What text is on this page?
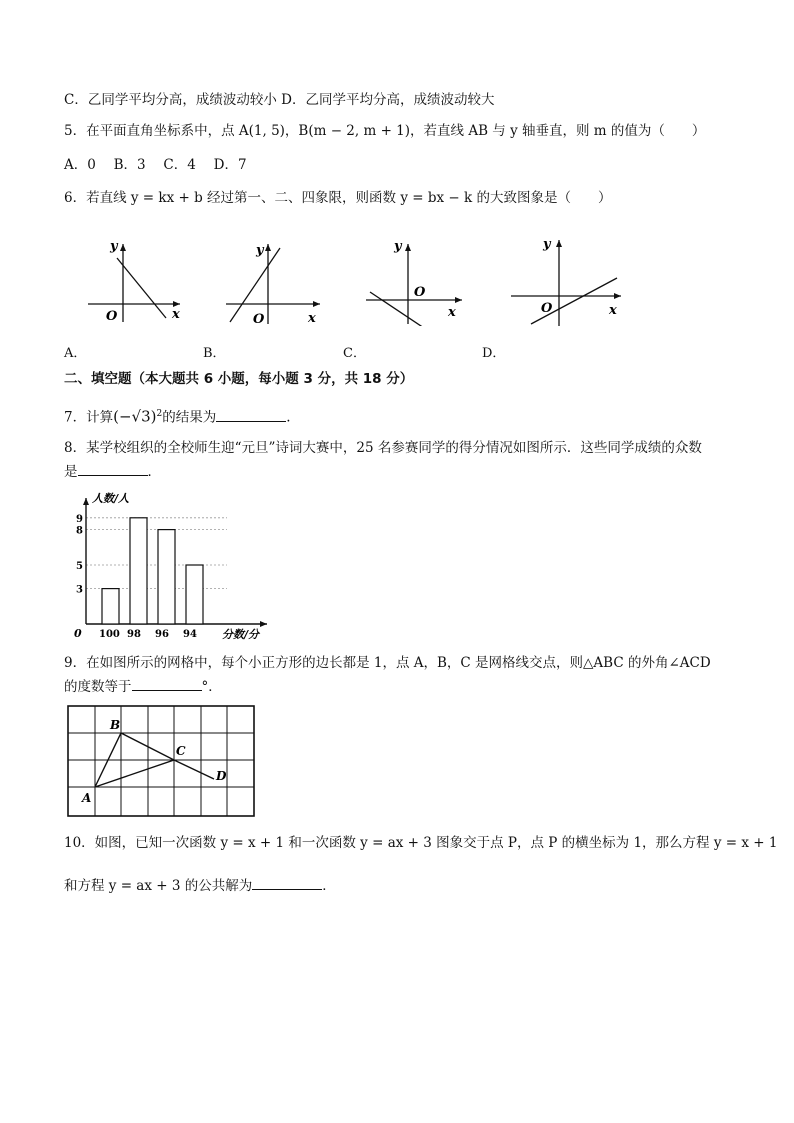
C．乙同学平均分高，成绩波动较小 D．乙同学平均分高，成绩波动较大
5．在平面直角坐标系中，点 A(1, 5)，B(m − 2, m + 1)，若直线 AB 与 y 轴垂直，则 m 的值为（　　）
A．0　 B．3　 C．4　 D．7
6．若直线 y = kx + b 经过第一、二、四象限，则函数 y = bx − k 的大致图象是（　　）
y
x
O
A．
y
x
O
B．
y
x
O
C．
y
x
O
D．
二、填空题（本大题共 6 小题，每小题 3 分，共 18 分）
7．计算$(-√3)^2$的结果为	.
8．某学校组织的全校师生迎“元旦”诗词大赛中，25 名参赛同学的得分情况如图所示．这些同学成绩的众数
是	．
3
5
8
9
100 98 96 94
0
人数/人
分数/分
9．在如图所示的网格中，每个小正方形的边长都是 1，点 A，B，C 是网格线交点，则△ABC 的外角∠ACD
的度数等于	°．
A
B
C
D
10．如图，已知一次函数 y = x + 1 和一次函数 y = ax + 3 图象交于点 P，点 P 的横坐标为 1，那么方程 y = x + 1
和方程 y = ax + 3 的公共解为	．
